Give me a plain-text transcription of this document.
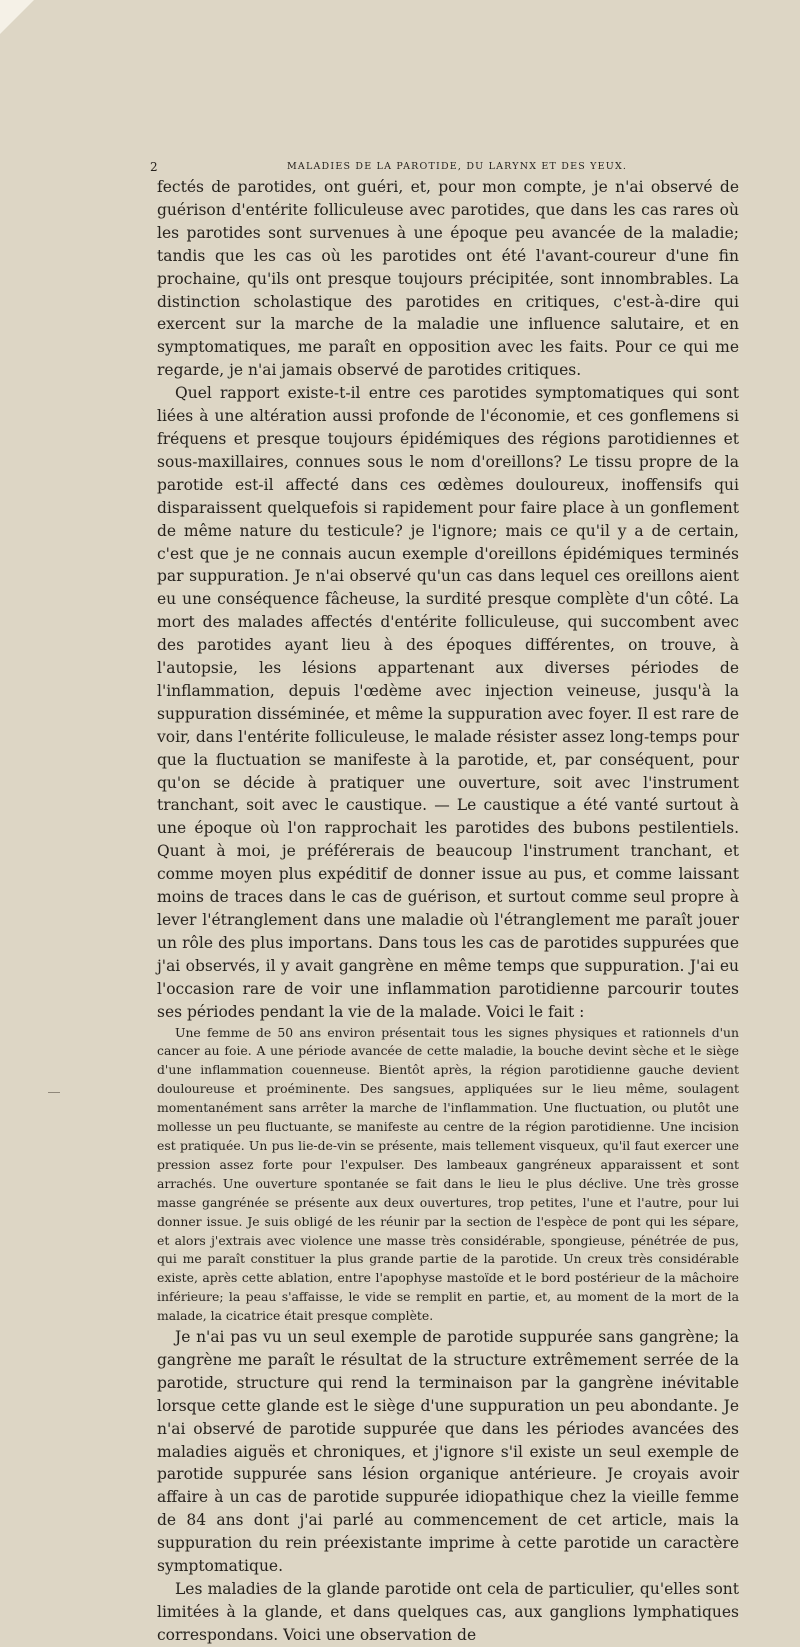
2	MALADIES DE LA PAROTIDE, DU LARYNX ET DES YEUX.

fectés de parotides, ont guéri, et, pour mon compte, je n'ai observé de guérison d'entérite folliculeuse avec parotides, que dans les cas rares où les parotides sont survenues à une époque peu avancée de la maladie; tandis que les cas où les parotides ont été l'avant-coureur d'une fin prochaine, qu'ils ont presque toujours précipitée, sont innombrables. La distinction scholastique des parotides en critiques, c'est-à-dire qui exercent sur la marche de la maladie une influence salutaire, et en symptomatiques, me paraît en opposition avec les faits. Pour ce qui me regarde, je n'ai jamais observé de parotides critiques.

Quel rapport existe-t-il entre ces parotides symptomatiques qui sont liées à une altération aussi profonde de l'économie, et ces gonflemens si fréquens et presque toujours épidémiques des régions parotidiennes et sous-maxillaires, connues sous le nom d'oreillons? Le tissu propre de la parotide est-il affecté dans ces œdèmes douloureux, inoffensifs qui disparaissent quelquefois si rapidement pour faire place à un gonflement de même nature du testicule? je l'ignore; mais ce qu'il y a de certain, c'est que je ne connais aucun exemple d'oreillons épidémiques terminés par suppuration. Je n'ai observé qu'un cas dans lequel ces oreillons aient eu une conséquence fâcheuse, la surdité presque complète d'un côté. La mort des malades affectés d'entérite folliculeuse, qui succombent avec des parotides ayant lieu à des époques différentes, on trouve, à l'autopsie, les lésions appartenant aux diverses périodes de l'inflammation, depuis l'œdème avec injection veineuse, jusqu'à la suppuration disséminée, et même la suppuration avec foyer. Il est rare de voir, dans l'entérite folliculeuse, le malade résister assez long-temps pour que la fluctuation se manifeste à la parotide, et, par conséquent, pour qu'on se décide à pratiquer une ouverture, soit avec l'instrument tranchant, soit avec le caustique. — Le caustique a été vanté surtout à une époque où l'on rapprochait les parotides des bubons pestilentiels. Quant à moi, je préférerais de beaucoup l'instrument tranchant, et comme moyen plus expéditif de donner issue au pus, et comme laissant moins de traces dans le cas de guérison, et surtout comme seul propre à lever l'étranglement dans une maladie où l'étranglement me paraît jouer un rôle des plus importans. Dans tous les cas de parotides suppurées que j'ai observés, il y avait gangrène en même temps que suppuration. J'ai eu l'occasion rare de voir une inflammation parotidienne parcourir toutes ses périodes pendant la vie de la malade. Voici le fait :

Une femme de 50 ans environ présentait tous les signes physiques et rationnels d'un cancer au foie. A une période avancée de cette maladie, la bouche devint sèche et le siège d'une inflammation couenneuse. Bientôt après, la région parotidienne gauche devient douloureuse et proéminente. Des sangsues, appliquées sur le lieu même, soulagent momentanément sans arrêter la marche de l'inflammation. Une fluctuation, ou plutôt une mollesse un peu fluctuante, se manifeste au centre de la région parotidienne. Une incision est pratiquée. Un pus lie-de-vin se présente, mais tellement visqueux, qu'il faut exercer une pression assez forte pour l'expulser. Des lambeaux gangréneux apparaissent et sont arrachés. Une ouverture spontanée se fait dans le lieu le plus déclive. Une très grosse masse gangrénée se présente aux deux ouvertures, trop petites, l'une et l'autre, pour lui donner issue. Je suis obligé de les réunir par la section de l'espèce de pont qui les sépare, et alors j'extrais avec violence une masse très considérable, spongieuse, pénétrée de pus, qui me paraît constituer la plus grande partie de la parotide. Un creux très considérable existe, après cette ablation, entre l'apophyse mastoïde et le bord postérieur de la mâchoire inférieure; la peau s'affaisse, le vide se remplit en partie, et, au moment de la mort de la malade, la cicatrice était presque complète.

Je n'ai pas vu un seul exemple de parotide suppurée sans gangrène; la gangrène me paraît le résultat de la structure extrêmement serrée de la parotide, structure qui rend la terminaison par la gangrène inévitable lorsque cette glande est le siège d'une suppuration un peu abondante. Je n'ai observé de parotide suppurée que dans les périodes avancées des maladies aiguës et chroniques, et j'ignore s'il existe un seul exemple de parotide suppurée sans lésion organique antérieure. Je croyais avoir affaire à un cas de parotide suppurée idiopathique chez la vieille femme de 84 ans dont j'ai parlé au commencement de cet article, mais la suppuration du rein préexistante imprime à cette parotide un caractère symptomatique.

Les maladies de la glande parotide ont cela de particulier, qu'elles sont limitées à la glande, et dans quelques cas, aux ganglions lymphatiques correspondans. Voici une observation de
